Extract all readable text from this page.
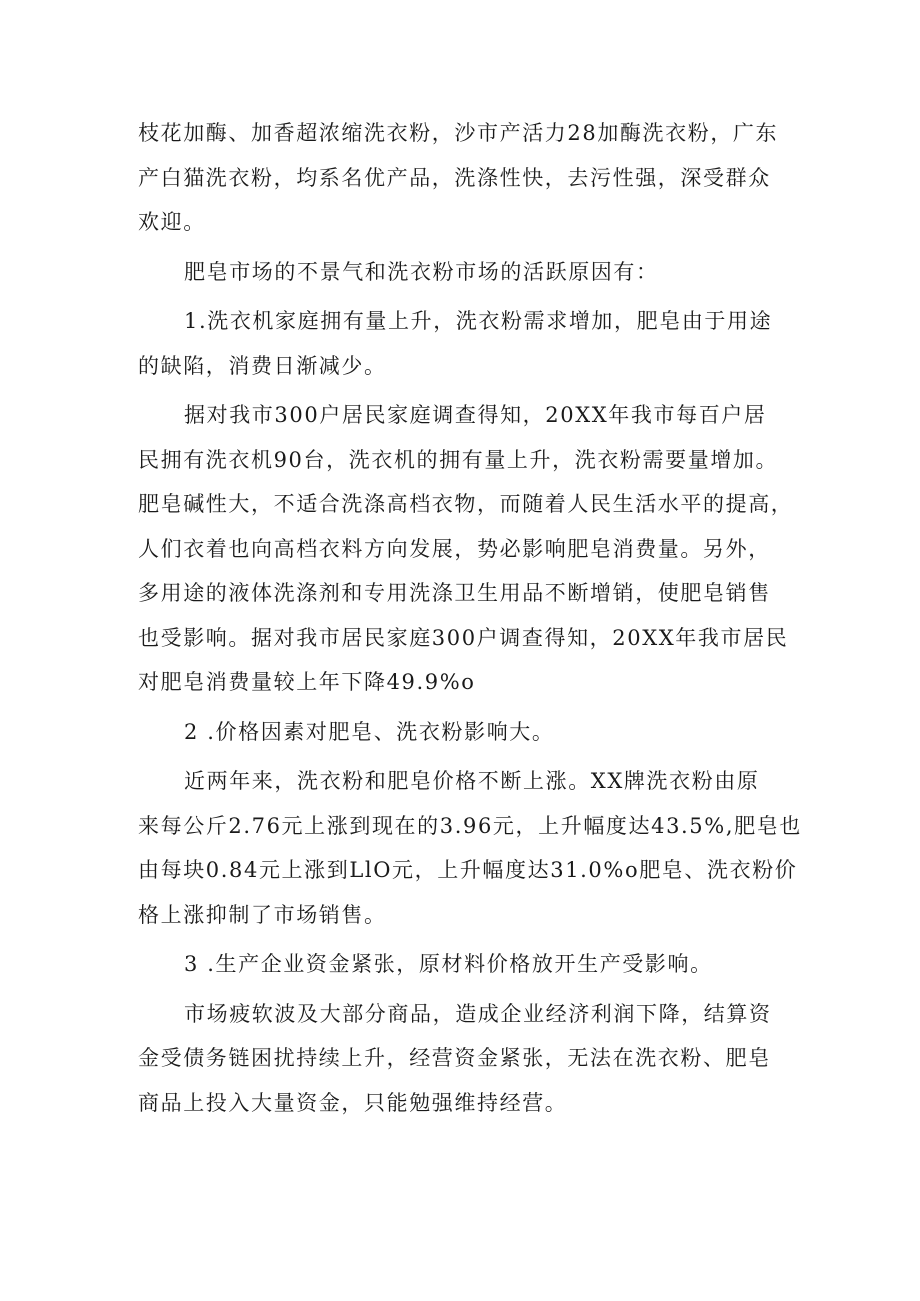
枝花加酶、加香超浓缩洗衣粉，沙市产活力28加酶洗衣粉，广东
产白猫洗衣粉，均系名优产品，洗涤性快，去污性强，深受群众
欢迎。

肥皂市场的不景气和洗衣粉市场的活跃原因有：

1.洗衣机家庭拥有量上升，洗衣粉需求增加，肥皂由于用途
的缺陷，消费日渐减少。

据对我市300户居民家庭调查得知，20XX年我市每百户居
民拥有洗衣机90台，洗衣机的拥有量上升，洗衣粉需要量增加。
肥皂碱性大，不适合洗涤高档衣物，而随着人民生活水平的提高，
人们衣着也向高档衣料方向发展，势必影响肥皂消费量。另外，
多用途的液体洗涤剂和专用洗涤卫生用品不断增销，使肥皂销售
也受影响。据对我市居民家庭300户调查得知，20XX年我市居民
对肥皂消费量较上年下降49.9%o

2 .价格因素对肥皂、洗衣粉影响大。

近两年来，洗衣粉和肥皂价格不断上涨。XX牌洗衣粉由原
来每公斤2.76元上涨到现在的3.96元，上升幅度达43.5%,肥皂也
由每块0.84元上涨到LlO元，上升幅度达31.0%o肥皂、洗衣粉价
格上涨抑制了市场销售。

3 .生产企业资金紧张，原材料价格放开生产受影响。

市场疲软波及大部分商品，造成企业经济利润下降，结算资
金受债务链困扰持续上升，经营资金紧张，无法在洗衣粉、肥皂
商品上投入大量资金，只能勉强维持经营。
